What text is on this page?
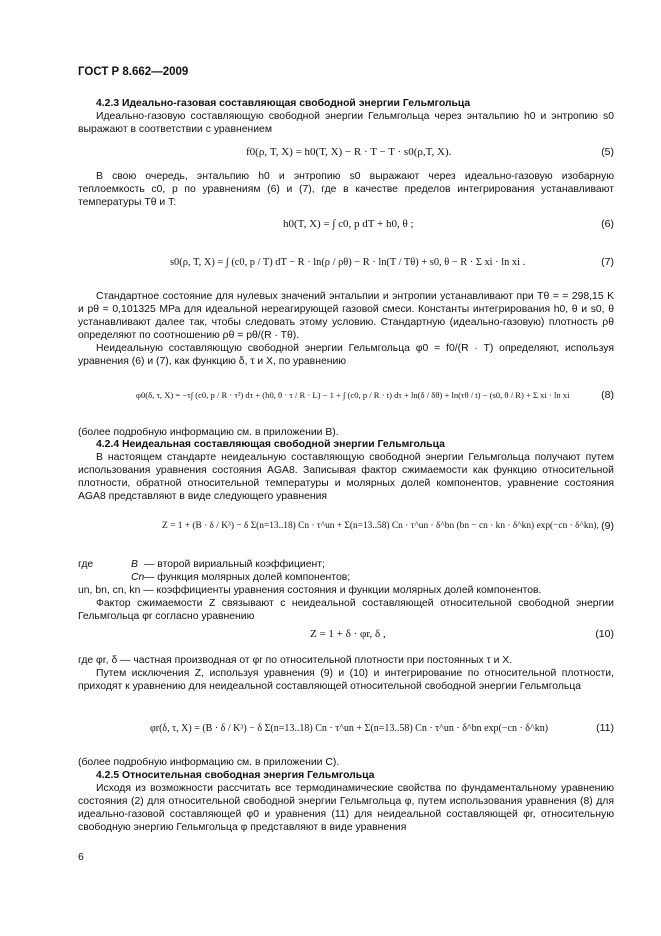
ГОСТ Р 8.662—2009

4.2.3 Идеально-газовая составляющая свободной энергии Гельмгольца

Идеально-газовую составляющую свободной энергии Гельмгольца через энтальпию h0 и энтропию s0 выражают в соответствии с уравнением

f0(ρ, T, X) = h0(T, X) − R · T − T · s0(ρ,T, X).	(5)

В свою очередь, энтальпию h0 и энтропию s0 выражают через идеально-газовую изобарную теплоемкость c0, p по уравнениям (6) и (7), где в качестве пределов интегрирования устанавливают температуры Tθ и T:

h0(T, X) = ∫ c0, p dT + h0, θ ;	(6)
s0(ρ, T, X) = ∫ (c0, p / T) dT − R · ln(ρ / ρθ) − R · ln(T / Tθ) + s0, θ − R · Σ xi · ln xi .	(7)

Стандартное состояние для нулевых значений энтальпии и энтропии устанавливают при Tθ = = 298,15 K и pθ = 0,101325 МРа для идеальной нереагирующей газовой смеси. Константы интегрирования h0, θ и s0, θ устанавливают далее так, чтобы следовать этому условию. Стандартную (идеально-газовую) плотность ρθ определяют по соотношению ρθ = pθ/(R · Tθ).

Неидеальную составляющую свободной энергии Гельмгольца φ0 = f0/(R · T) определяют, используя уравнения (6) и (7), как функцию δ, τ и X, по уравнению

φ0(δ, τ, X) = −τ∫ (c0, p / R · τ²) dτ + (h0, θ · τ / R · L) − 1 + ∫ (c0, p / R · t) dτ + ln(δ / δθ) + ln(τθ / t) − (s0, θ / R) + Σ xi · ln xi	(8)

(более подробную информацию см. в приложении В).

4.2.4 Неидеальная составляющая свободной энергии Гельмгольца

В настоящем стандарте неидеальную составляющую свободной энергии Гельмгольца получают путем использования уравнения состояния AGA8. Записывая фактор сжимаемости как функцию относительной плотности, обратной относительной температуры и молярных долей компонентов, уравнение состояния AGA8 представляют в виде следующего уравнения

Z = 1 + (B · δ / K³) − δ Σ(n=13..18) Cn · τ^un + Σ(n=13..58) Cn · τ^un · δ^bn (bn − cn · kn · δ^kn) exp(−cn · δ^kn), (9)
где	B — второй вириальный коэффициент;
Cn — функция молярных долей компонентов;
un, bn, cn, kn — коэффициенты уравнения состояния и функции молярных долей компонентов.

Фактор сжимаемости Z связывают с неидеальной составляющей относительной свободной энергии Гельмгольца φr согласно уравнению

Z = 1 + δ · φr, δ ,	(10)

где φr, δ — частная производная от φr по относительной плотности при постоянных τ и X.

Путем исключения Z, используя уравнения (9) и (10) и интегрирование по относительной плотности, приходят к уравнению для неидеальной составляющей относительной свободной энергии Гельмгольца

φr(δ, τ, X) = (B · δ / K³) − δ Σ(n=13..18) Cn · τ^un + Σ(n=13..58) Cn · τ^un · δ^bn exp(−cn · δ^kn)	(11)

(более подробную информацию см. в приложении С).

4.2.5 Относительная свободная энергия Гельмгольца

Исходя из возможности рассчитать все термодинамические свойства по фундаментальному уравнению состояния (2) для относительной свободной энергии Гельмгольца φ, путем использования уравнения (8) для идеально-газовой составляющей φ0 и уравнения (11) для неидеальной составляющей φr, относительную свободную энергию Гельмгольца φ представляют в виде уравнения

6
